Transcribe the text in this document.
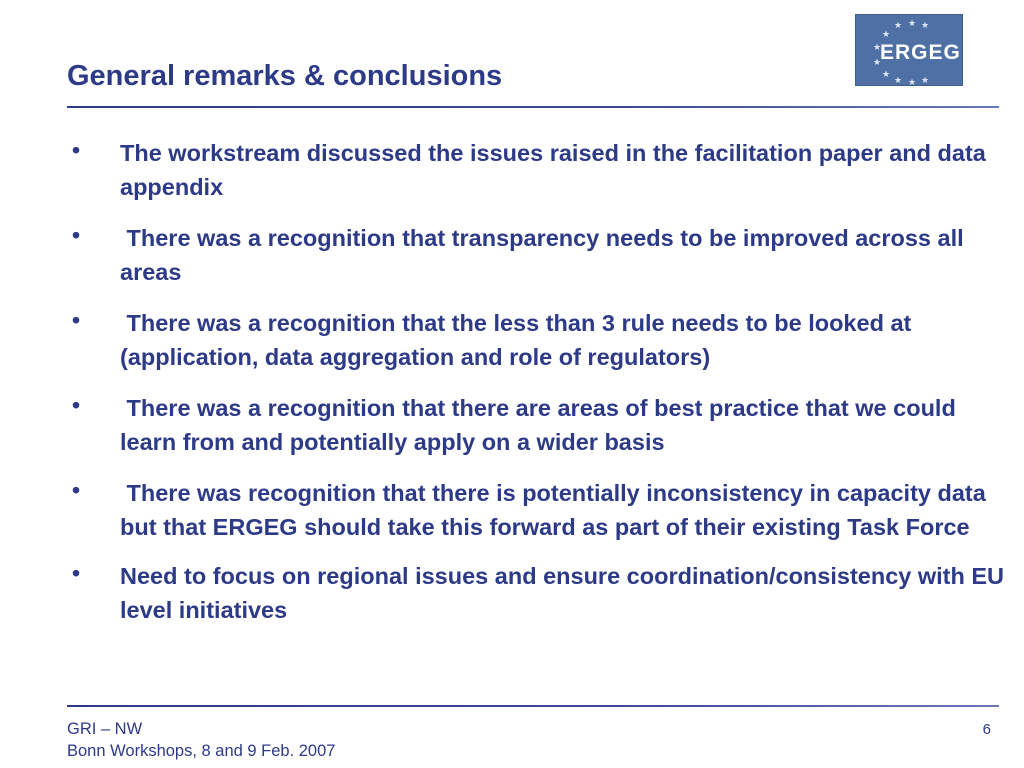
General remarks & conclusions
★ ★ ★
★
★
★
★
★ ★ ★
ERGEG
• The workstream discussed the issues raised in the facilitation paper and data appendix
• There was a recognition that transparency needs to be improved across all areas
• There was a recognition that the less than 3 rule needs to be looked at (application, data aggregation and role of regulators)
• There was a recognition that there are areas of best practice that we could learn from and potentially apply on a wider basis
• There was recognition that there is potentially inconsistency in capacity data but that ERGEG should take this forward as part of their existing Task Force
• Need to focus on regional issues and ensure coordination/consistency with EU level initiatives
GRI – NW
Bonn Workshops, 8 and 9 Feb. 2007
6
